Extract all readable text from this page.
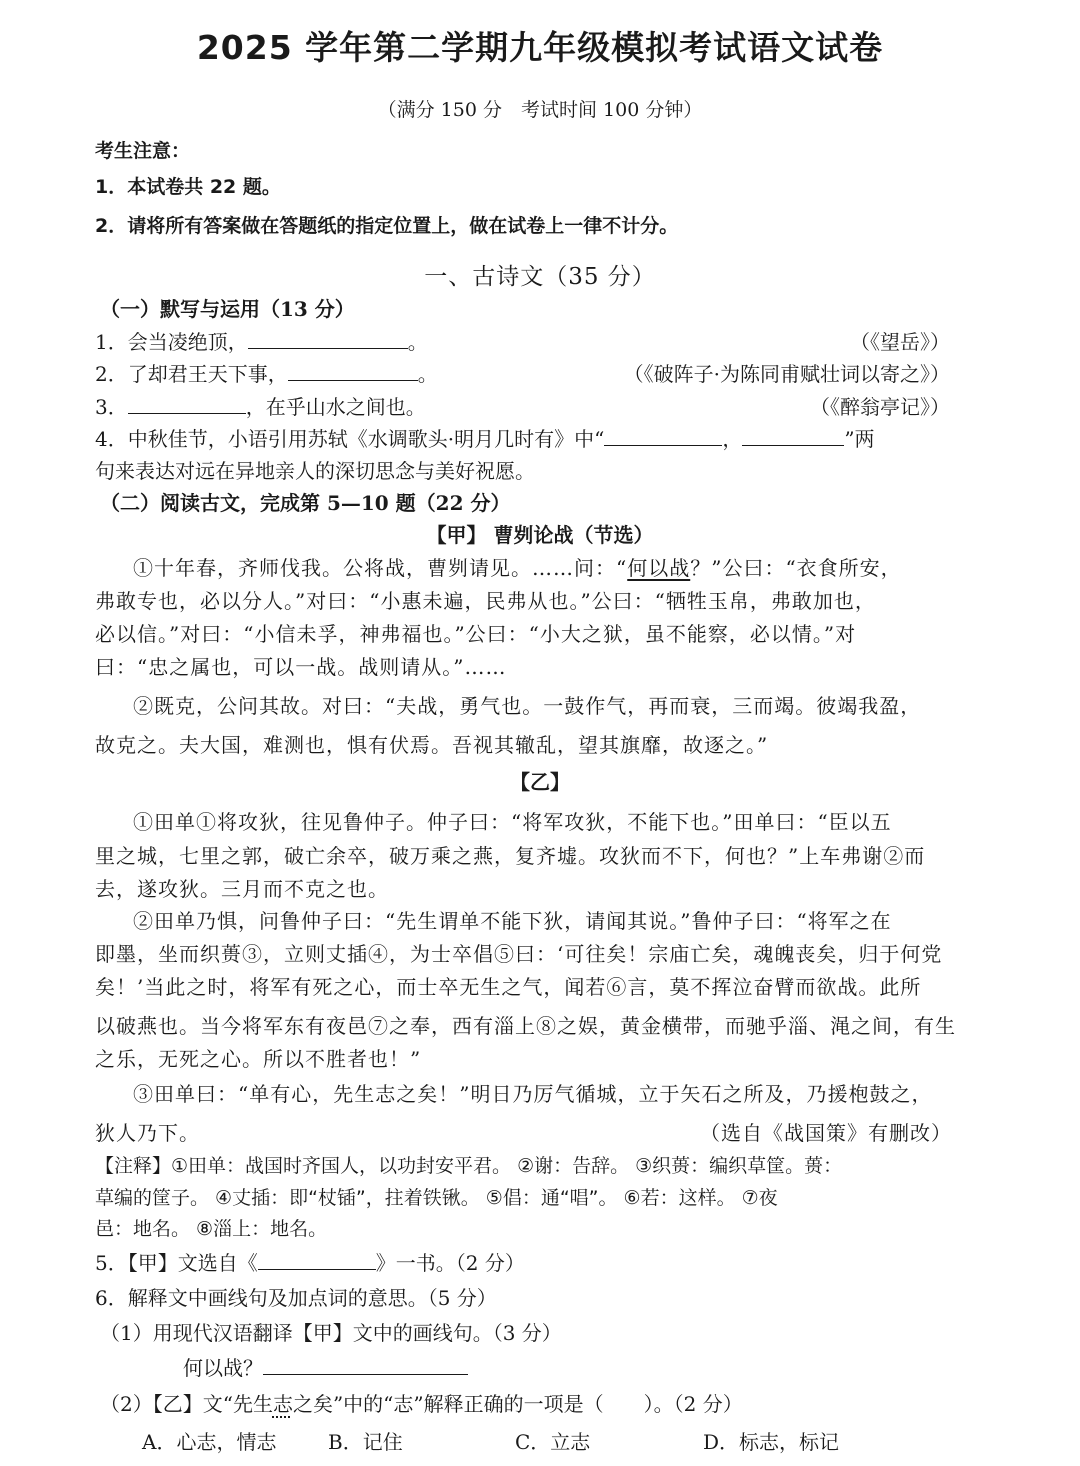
2025 学年第二学期九年级模拟考试语文试卷
（满分 150 分　考试时间 100 分钟）
考生注意：
1．本试卷共 22 题。
2．请将所有答案做在答题纸的指定位置上，做在试卷上一律不计分。
一、古诗文（35 分）
（一）默写与运用（13 分）
1．会当凌绝顶，	。	（《望岳》）
2．了却君王天下事，	。	（《破阵子·为陈同甫赋壮词以寄之》）
3．	，在乎山水之间也。	（《醉翁亭记》）
4．中秋佳节，小语引用苏轼《水调歌头·明月几时有》中“	，	”两
句来表达对远在异地亲人的深切思念与美好祝愿。
（二）阅读古文，完成第 5—10 题（22 分）
【甲】 曹刿论战（节选）
①十年春，齐师伐我。公将战，曹刿请见。……问：“何以战？”公曰：“衣食所安，
弗敢专也，必以分人。”对曰：“小惠未遍，民弗从也。”公曰：“牺牲玉帛，弗敢加也，
必以信。”对曰：“小信未孚，神弗福也。”公曰：“小大之狱，虽不能察，必以情。”对
曰：“忠之属也，可以一战。战则请从。”……
②既克，公问其故。对曰：“夫战，勇气也。一鼓作气，再而衰，三而竭。彼竭我盈，
故克之。夫大国，难测也，惧有伏焉。吾视其辙乱，望其旗靡，故逐之。”
【乙】
①田单①将攻狄，往见鲁仲子。仲子曰：“将军攻狄，不能下也。”田单曰：“臣以五
里之城，七里之郭，破亡余卒，破万乘之燕，复齐墟。攻狄而不下，何也？”上车弗谢②而
去，遂攻狄。三月而不克之也。
②田单乃惧，问鲁仲子曰：“先生谓单不能下狄，请闻其说。”鲁仲子曰：“将军之在
即墨，坐而织蒉③，立则丈插④，为士卒倡⑤曰：‘可往矣！宗庙亡矣，魂魄丧矣，归于何党
矣！’当此之时，将军有死之心，而士卒无生之气，闻若⑥言，莫不挥泣奋臂而欲战。此所
以破燕也。当今将军东有夜邑⑦之奉，西有淄上⑧之娱，黄金横带，而驰乎淄、渑之间，有生
之乐，无死之心。所以不胜者也！”
③田单曰：“单有心，先生志之矣！”明日乃厉气循城，立于矢石之所及，乃援枹鼓之，
狄人乃下。	（选自《战国策》有删改）
【注释】①田单：战国时齐国人，以功封安平君。 ②谢：告辞。 ③织蒉：编织草筐。蒉：
草编的筐子。 ④丈插：即“杖锸”，拄着铁锹。 ⑤倡：通“唱”。 ⑥若：这样。 ⑦夜
邑：地名。 ⑧淄上：地名。
5．【甲】文选自《	》一书。（2 分）
6．解释文中画线句及加点词的意思。（5 分）
（1）用现代汉语翻译【甲】文中的画线句。（3 分）
何以战？
（2）【乙】文“先生志之矣”中的“志”解释正确的一项是（　　）。（2 分）
A．心志，情志	B．记住	C．立志	D．标志，标记
